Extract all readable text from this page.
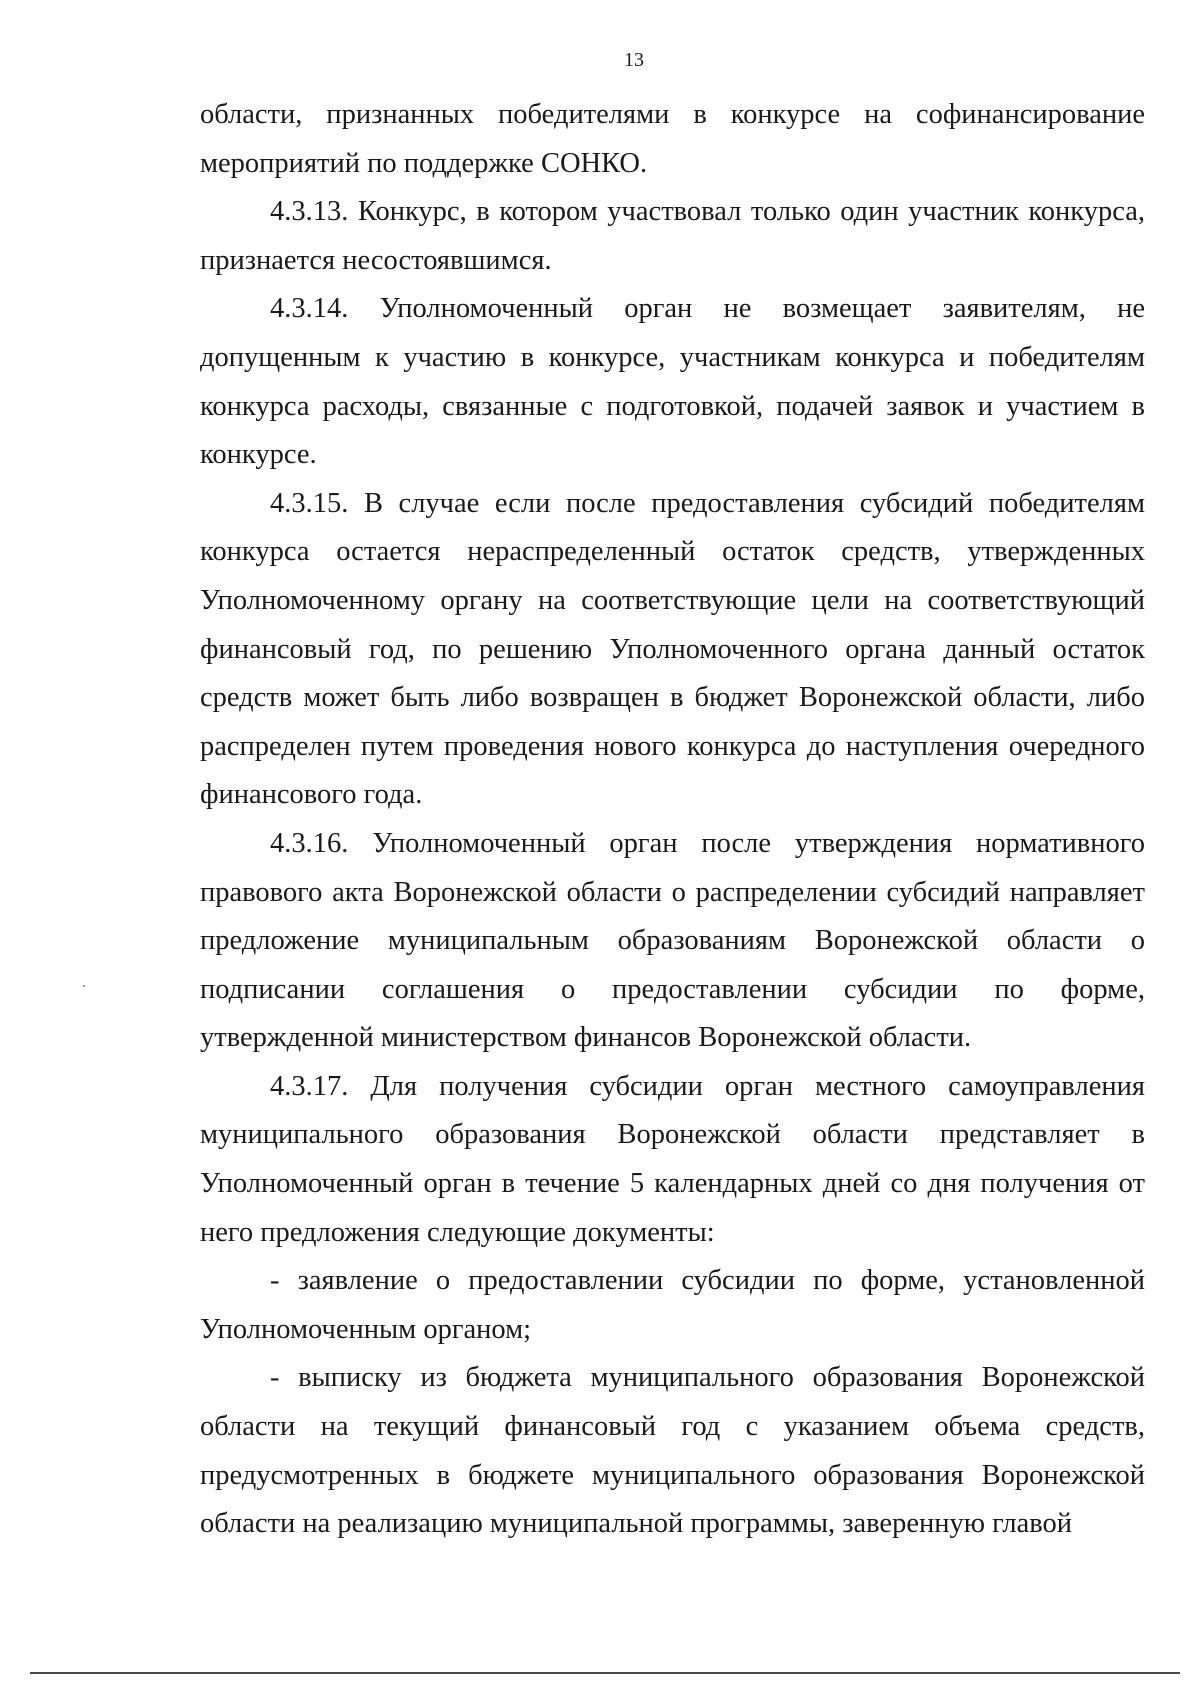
13

области, признанных победителями в конкурсе на софинансирование мероприятий по поддержке СОНКО.

4.3.13. Конкурс, в котором участвовал только один участник конкурса, признается несостоявшимся.

4.3.14. Уполномоченный орган не возмещает заявителям, не допущенным к участию в конкурсе, участникам конкурса и победителям конкурса расходы, связанные с подготовкой, подачей заявок и участием в конкурсе.

4.3.15. В случае если после предоставления субсидий победителям конкурса остается нераспределенный остаток средств, утвержденных Уполномоченному органу на соответствующие цели на соответствующий финансовый год, по решению Уполномоченного органа данный остаток средств может быть либо возвращен в бюджет Воронежской области, либо распределен путем проведения нового конкурса до наступления очередного финансового года.

4.3.16. Уполномоченный орган после утверждения нормативного правового акта Воронежской области о распределении субсидий направляет предложение муниципальным образованиям Воронежской области о подписании соглашения о предоставлении субсидии по форме, утвержденной министерством финансов Воронежской области.

4.3.17. Для получения субсидии орган местного самоуправления муниципального образования Воронежской области представляет в Уполномоченный орган в течение 5 календарных дней со дня получения от него предложения следующие документы:

- заявление о предоставлении субсидии по форме, установленной Уполномоченным органом;

- выписку из бюджета муниципального образования Воронежской области на текущий финансовый год с указанием объема средств, предусмотренных в бюджете муниципального образования Воронежской области на реализацию муниципальной программы, заверенную главой
